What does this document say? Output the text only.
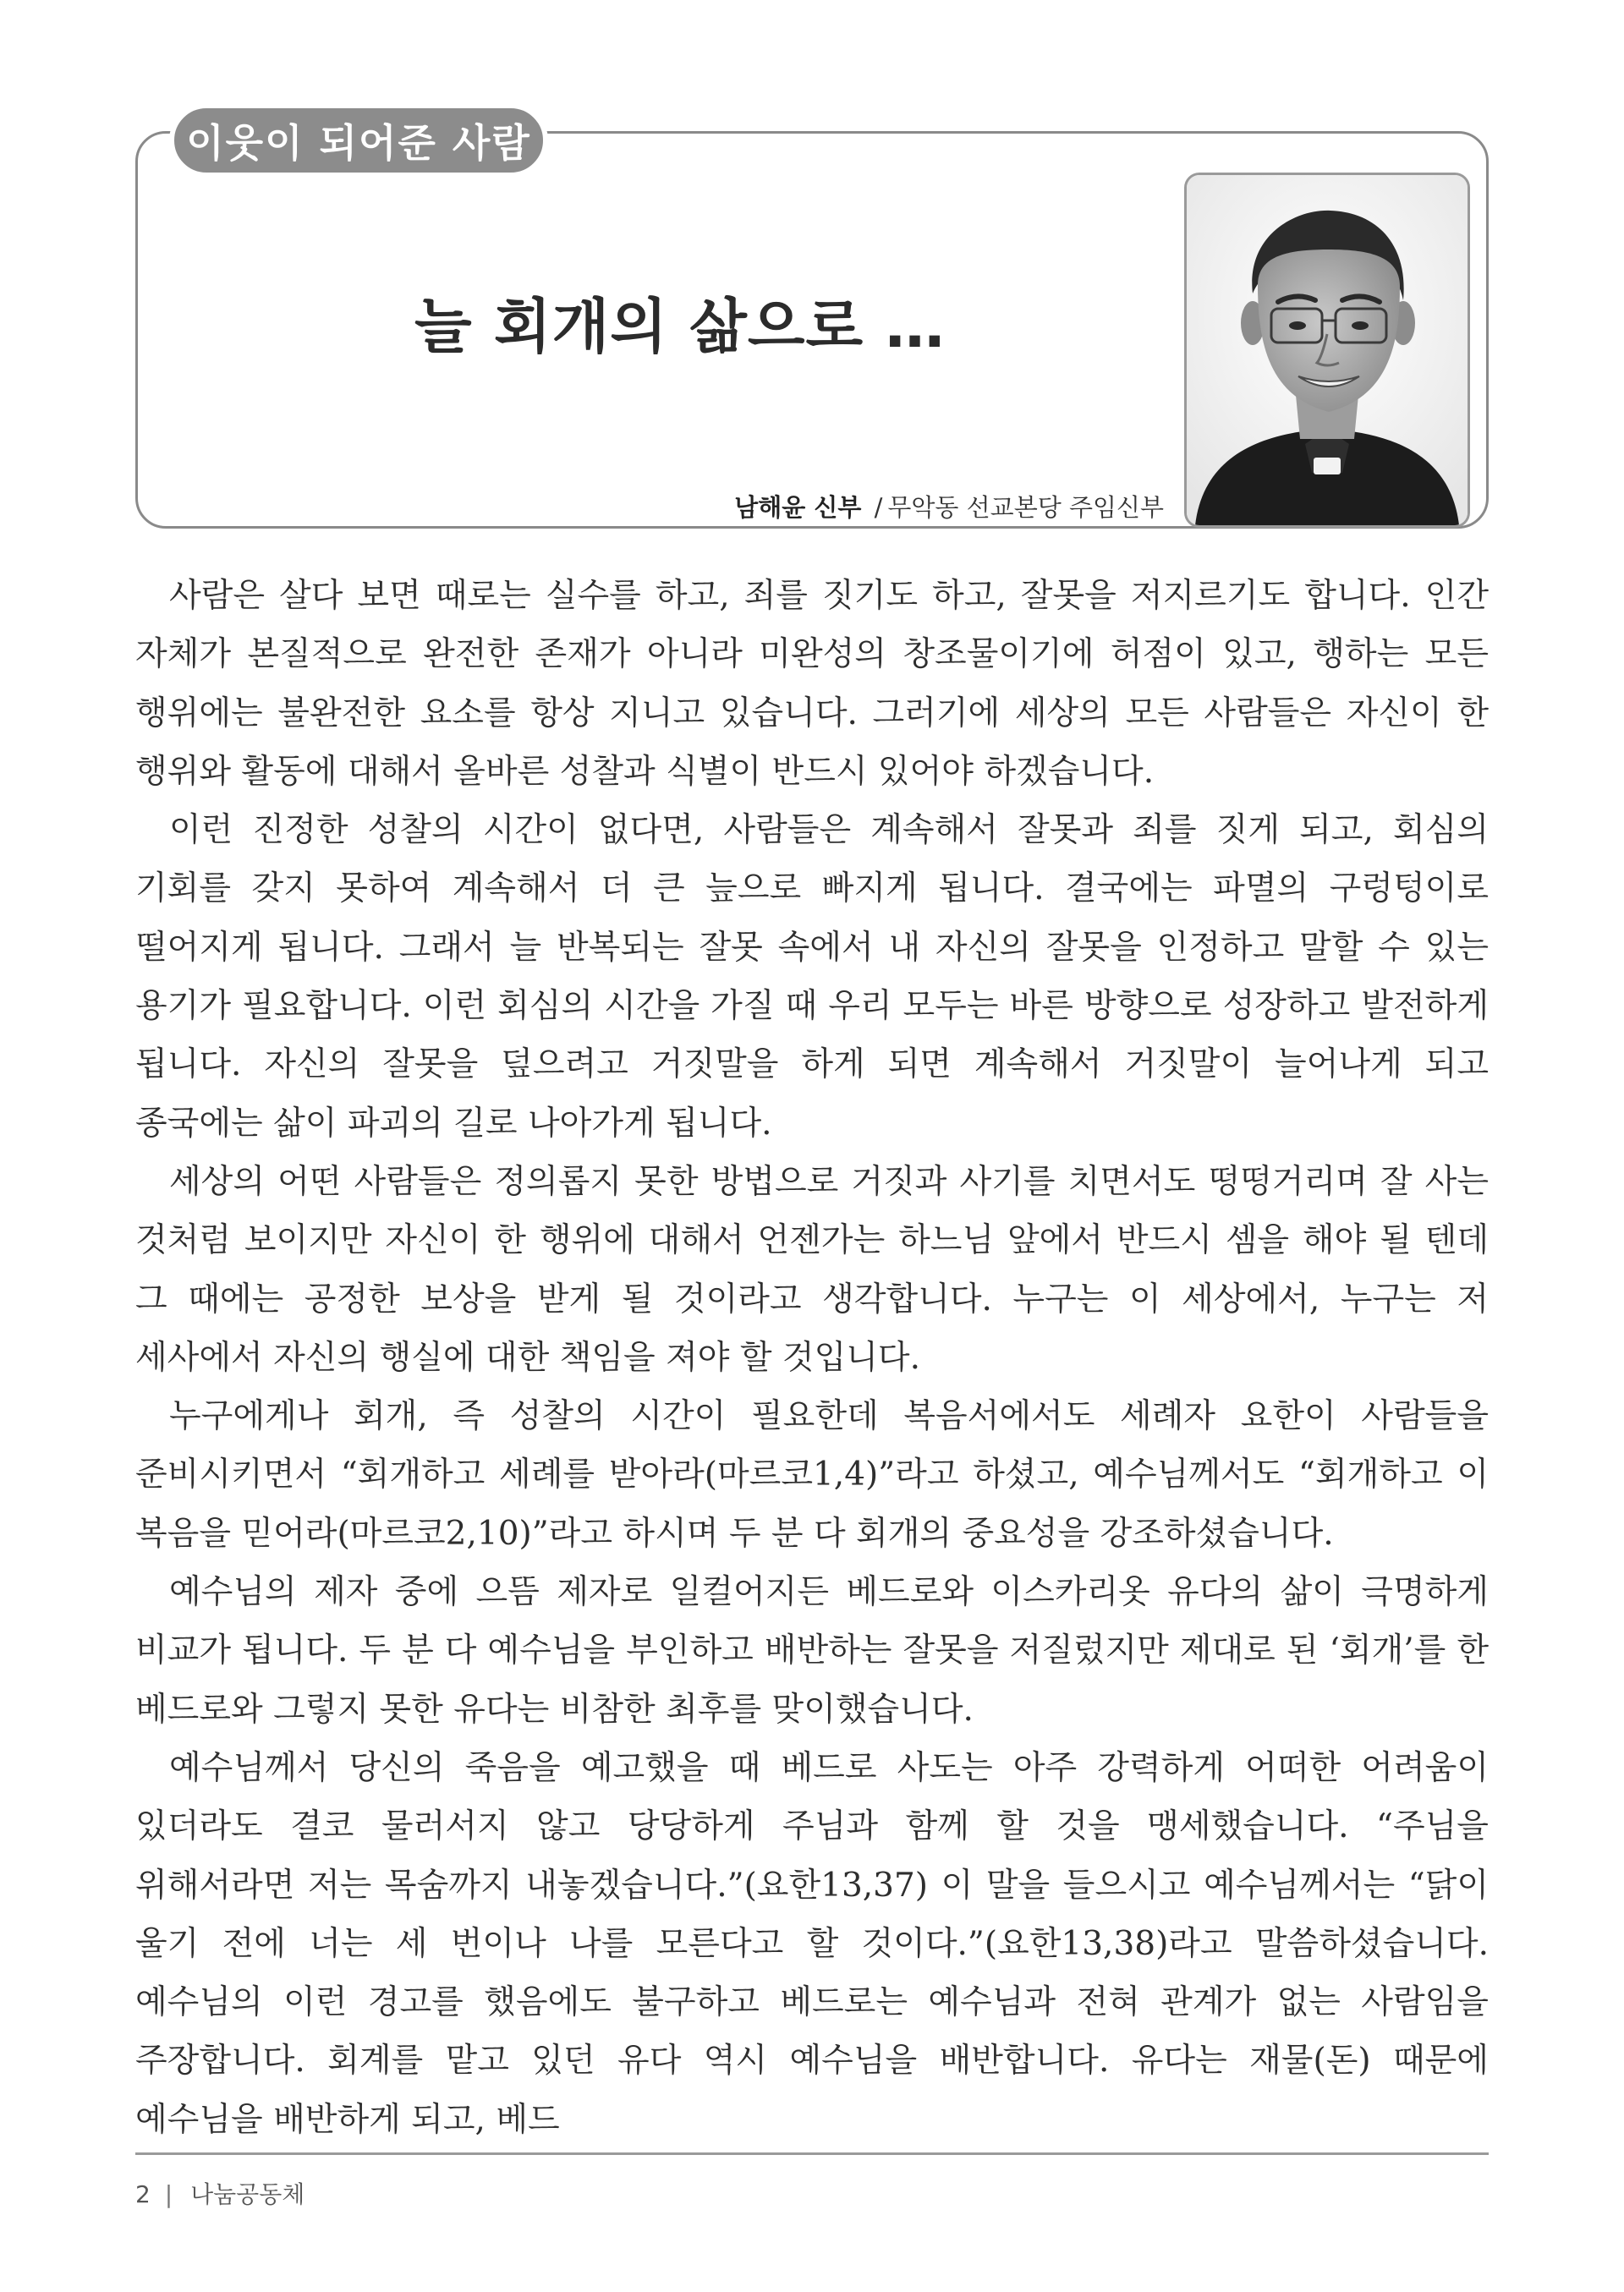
이웃이 되어준 사람
늘 회개의 삶으로 …
남해윤 신부 / 무악동 선교본당 주임신부

사람은 살다 보면 때로는 실수를 하고, 죄를 짓기도 하고, 잘못을 저지르기도 합니다. 인간 자체가 본질적으로 완전한 존재가 아니라 미완성의 창조물이기에 허점이 있고, 행하는 모든 행위에는 불완전한 요소를 항상 지니고 있습니다. 그러기에 세상의 모든 사람들은 자신이 한 행위와 활동에 대해서 올바른 성찰과 식별이 반드시 있어야 하겠습니다.

이런 진정한 성찰의 시간이 없다면, 사람들은 계속해서 잘못과 죄를 짓게 되고, 회심의 기회를 갖지 못하여 계속해서 더 큰 늪으로 빠지게 됩니다. 결국에는 파멸의 구렁텅이로 떨어지게 됩니다. 그래서 늘 반복되는 잘못 속에서 내 자신의 잘못을 인정하고 말할 수 있는 용기가 필요합니다. 이런 회심의 시간을 가질 때 우리 모두는 바른 방향으로 성장하고 발전하게 됩니다. 자신의 잘못을 덮으려고 거짓말을 하게 되면 계속해서 거짓말이 늘어나게 되고 종국에는 삶이 파괴의 길로 나아가게 됩니다.

세상의 어떤 사람들은 정의롭지 못한 방법으로 거짓과 사기를 치면서도 떵떵거리며 잘 사는 것처럼 보이지만 자신이 한 행위에 대해서 언젠가는 하느님 앞에서 반드시 셈을 해야 될 텐데 그 때에는 공정한 보상을 받게 될 것이라고 생각합니다. 누구는 이 세상에서, 누구는 저 세사에서 자신의 행실에 대한 책임을 져야 할 것입니다.

누구에게나 회개, 즉 성찰의 시간이 필요한데 복음서에서도 세례자 요한이 사람들을 준비시키면서 “회개하고 세례를 받아라(마르코1,4)”라고 하셨고, 예수님께서도 “회개하고 이 복음을 믿어라(마르코2,10)”라고 하시며 두 분 다 회개의 중요성을 강조하셨습니다.

예수님의 제자 중에 으뜸 제자로 일컬어지든 베드로와 이스카리옷 유다의 삶이 극명하게 비교가 됩니다. 두 분 다 예수님을 부인하고 배반하는 잘못을 저질렀지만 제대로 된 ‘회개’를 한 베드로와 그렇지 못한 유다는 비참한 최후를 맞이했습니다.

예수님께서 당신의 죽음을 예고했을 때 베드로 사도는 아주 강력하게 어떠한 어려움이 있더라도 결코 물러서지 않고 당당하게 주님과 함께 할 것을 맹세했습니다. “주님을 위해서라면 저는 목숨까지 내놓겠습니다.”(요한13,37) 이 말을 들으시고 예수님께서는 “닭이 울기 전에 너는 세 번이나 나를 모른다고 할 것이다.”(요한13,38)라고 말씀하셨습니다. 예수님의 이런 경고를 했음에도 불구하고 베드로는 예수님과 전혀 관계가 없는 사람임을 주장합니다. 회계를 맡고 있던 유다 역시 예수님을 배반합니다. 유다는 재물(돈) 때문에 예수님을 배반하게 되고, 베드

2 | 나눔공동체
